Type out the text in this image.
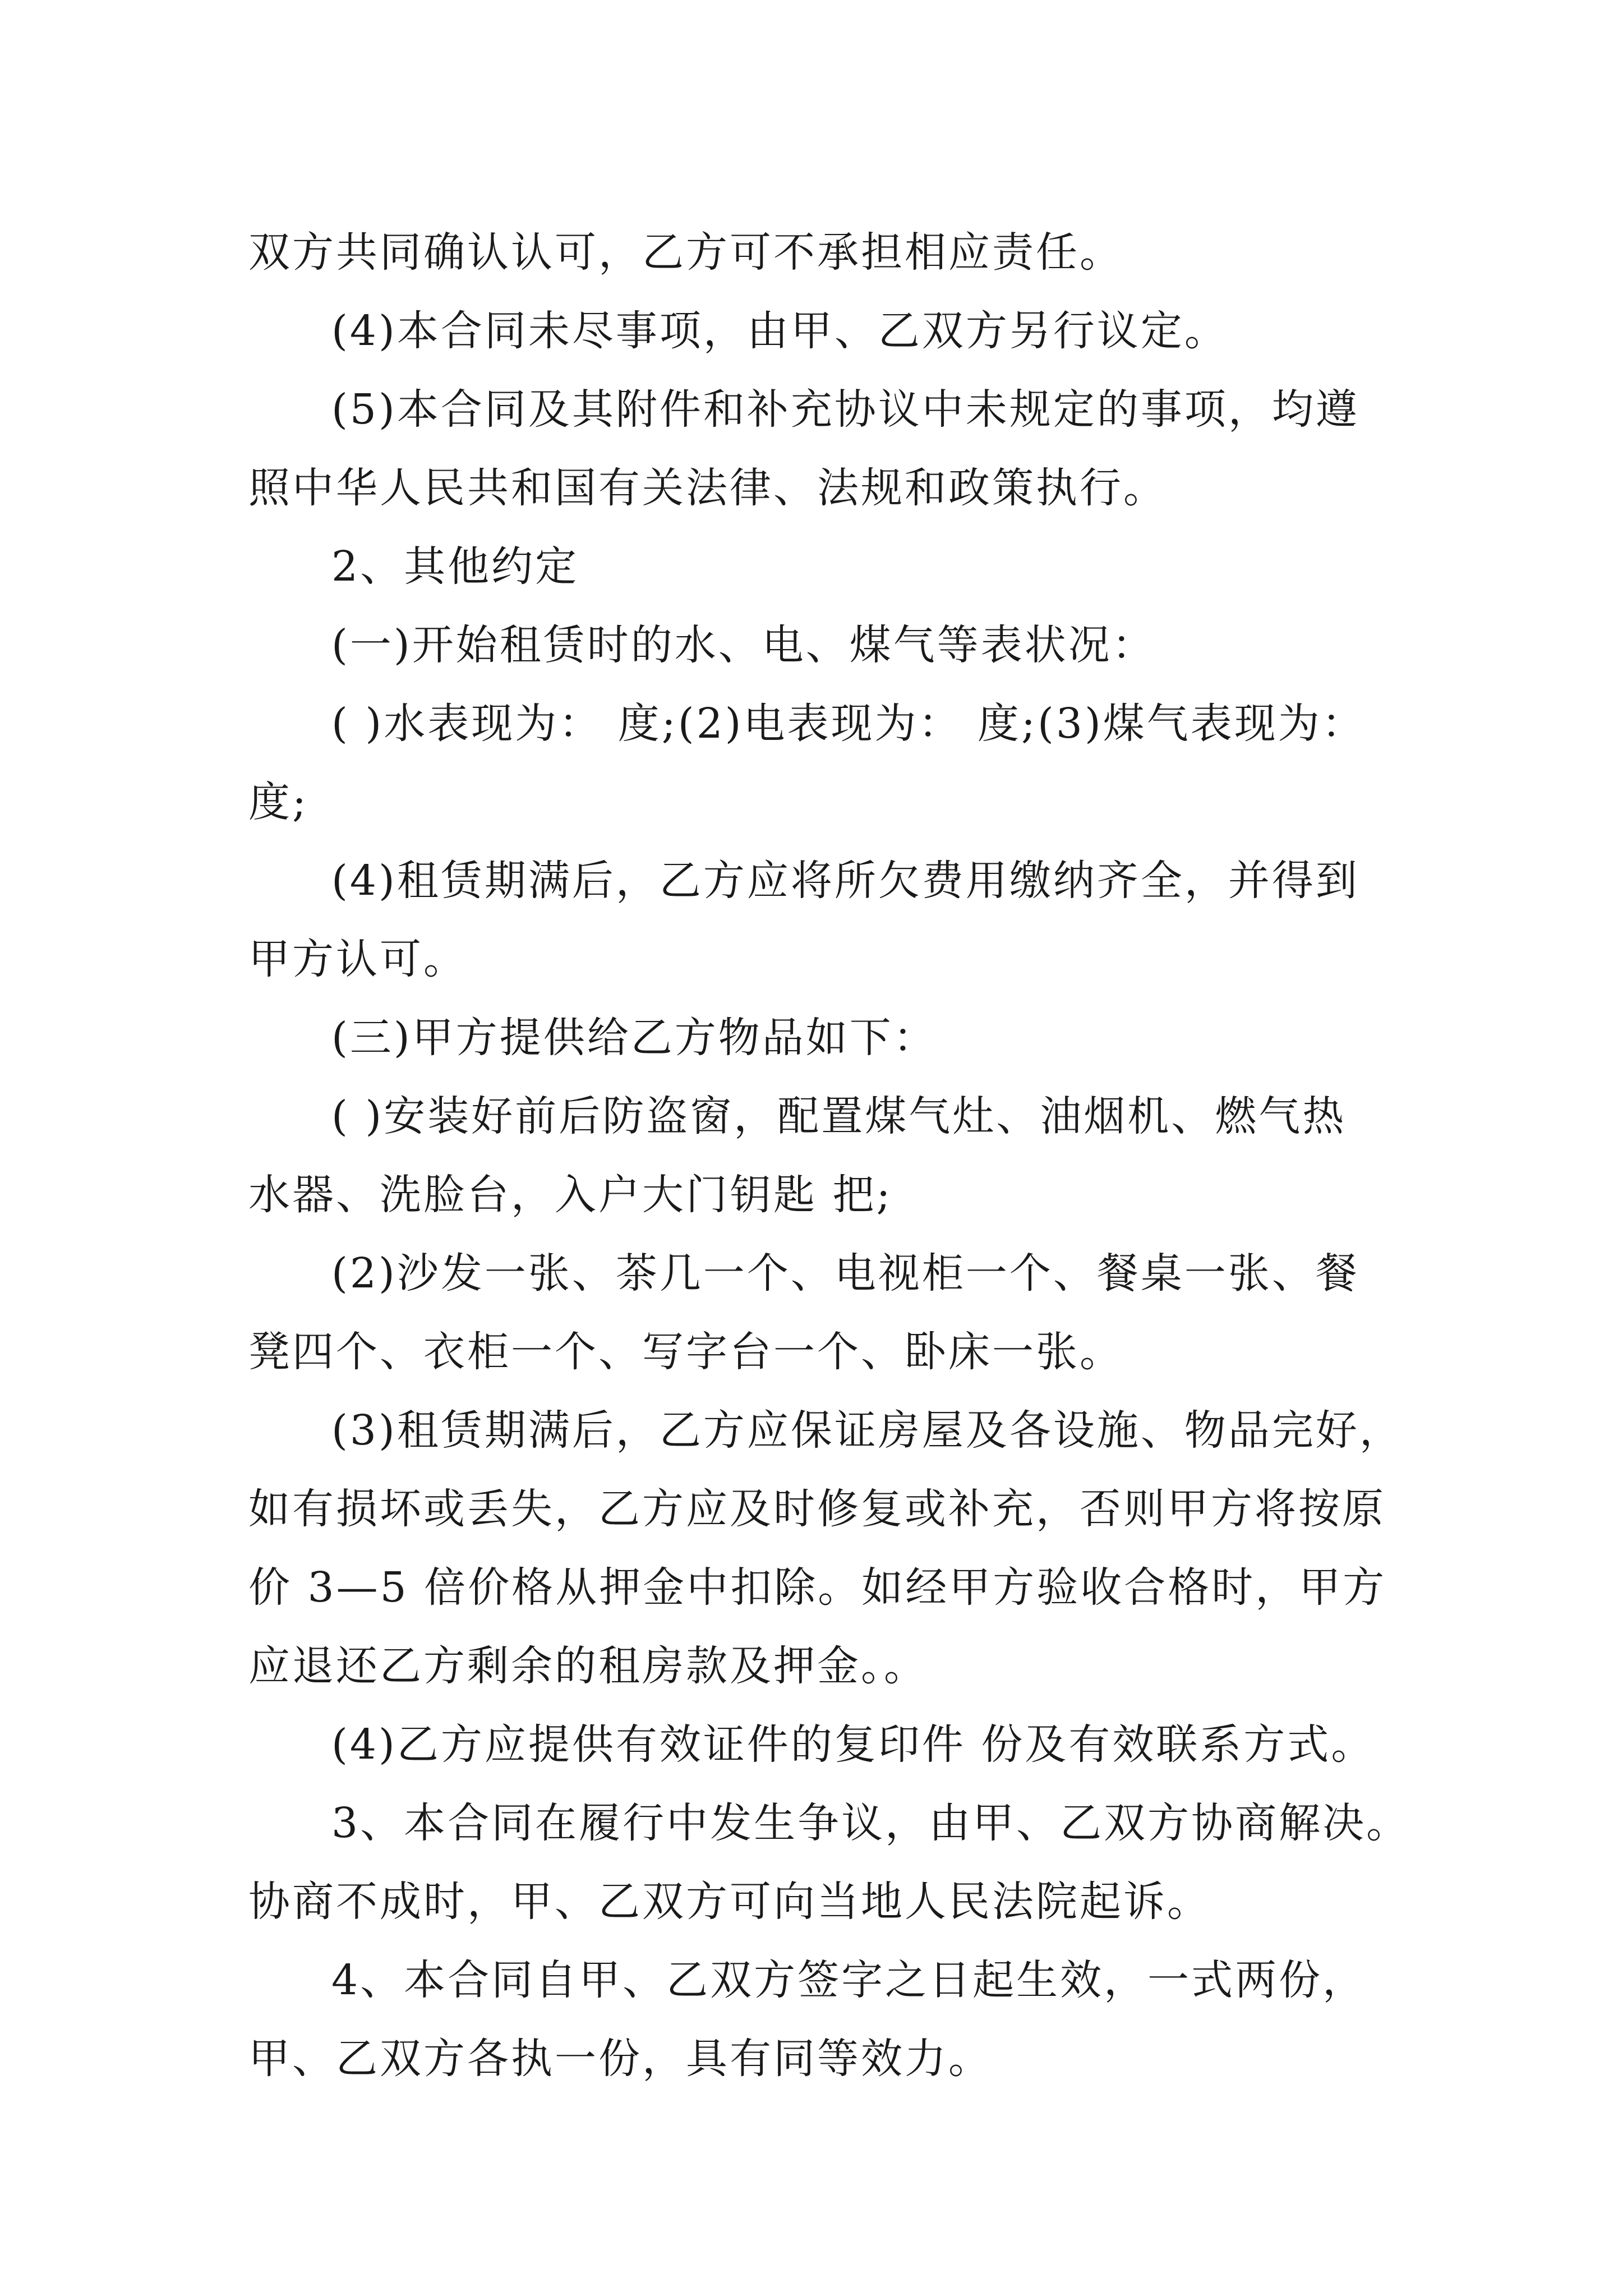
双方共同确认认可，乙方可不承担相应责任。
(4)本合同未尽事项，由甲、乙双方另行议定。
(5)本合同及其附件和补充协议中未规定的事项，均遵
照中华人民共和国有关法律、法规和政策执行。
2、其他约定
(一)开始租赁时的水、电、煤气等表状况：
( )水表现为： 度;(2)电表现为： 度;(3)煤气表现为：
度;
(4)租赁期满后，乙方应将所欠费用缴纳齐全，并得到
甲方认可。
(三)甲方提供给乙方物品如下：
( )安装好前后防盗窗，配置煤气灶、油烟机、燃气热
水器、洗脸台，入户大门钥匙 把;
(2)沙发一张、茶几一个、电视柜一个、餐桌一张、餐
凳四个、衣柜一个、写字台一个、卧床一张。
(3)租赁期满后，乙方应保证房屋及各设施、物品完好，
如有损坏或丢失，乙方应及时修复或补充，否则甲方将按原
价 3—5 倍价格从押金中扣除。如经甲方验收合格时，甲方
应退还乙方剩余的租房款及押金。。
(4)乙方应提供有效证件的复印件 份及有效联系方式。
3、本合同在履行中发生争议，由甲、乙双方协商解决。
协商不成时，甲、乙双方可向当地人民法院起诉。
4、本合同自甲、乙双方签字之日起生效，一式两份，
甲、乙双方各执一份，具有同等效力。
